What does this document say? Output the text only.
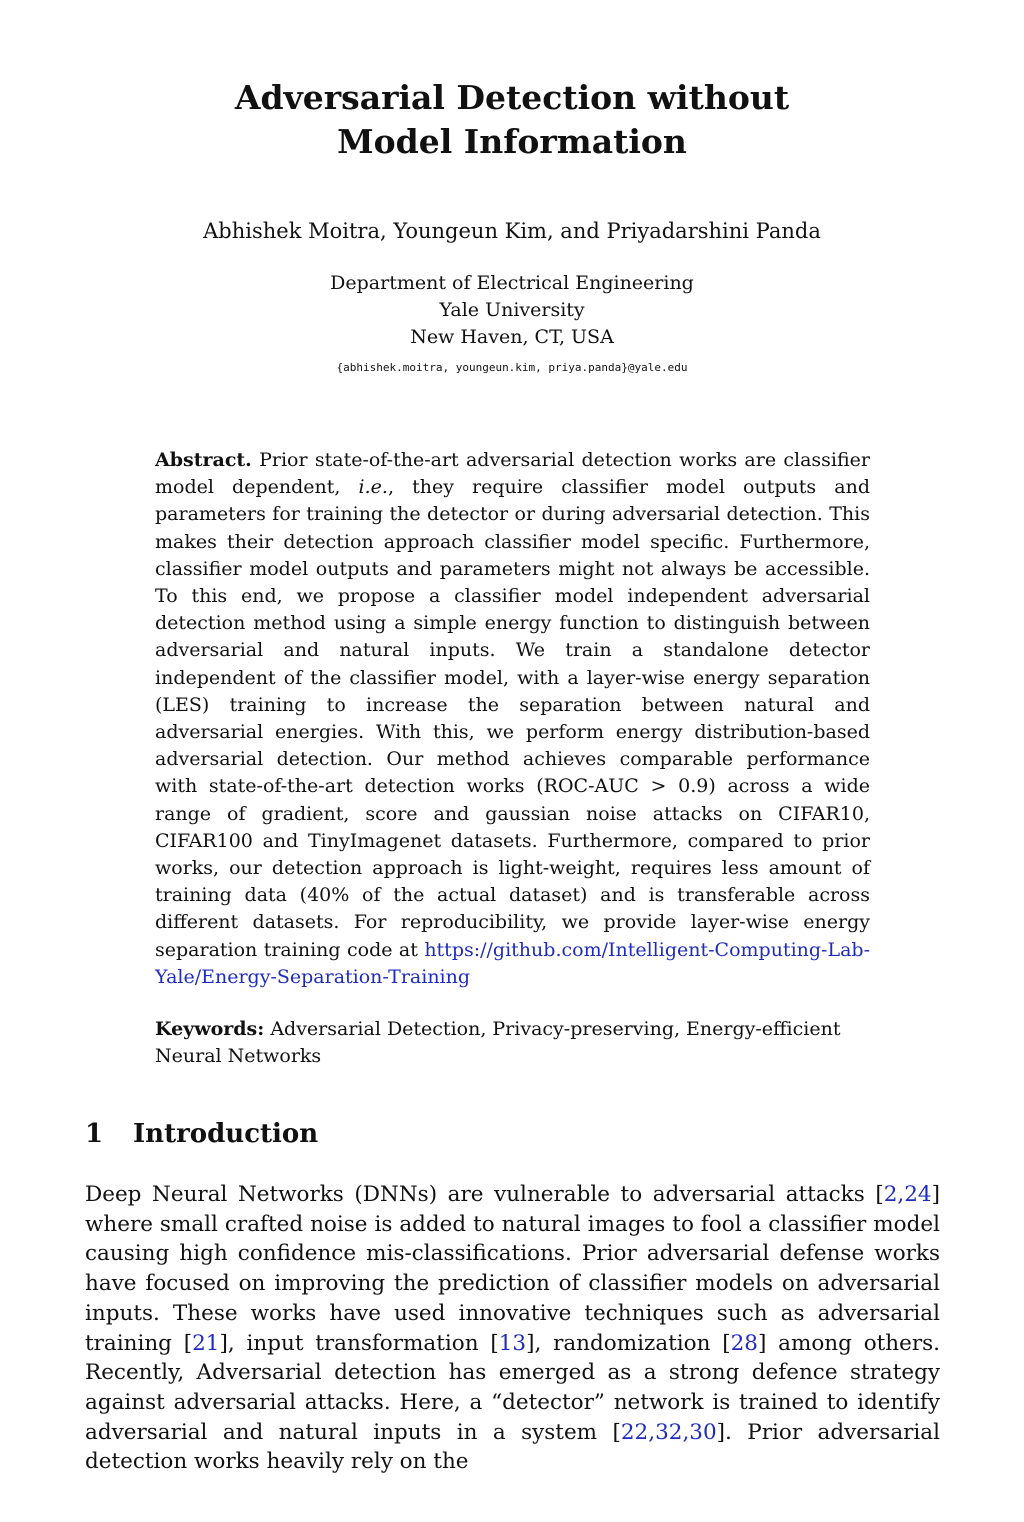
Adversarial Detection without
Model Information
Abhishek Moitra, Youngeun Kim, and Priyadarshini Panda
Department of Electrical Engineering
Yale University
New Haven, CT, USA
{abhishek.moitra, youngeun.kim, priya.panda}@yale.edu
Abstract. Prior state-of-the-art adversarial detection works are classifier model dependent, i.e., they require classifier model outputs and parameters for training the detector or during adversarial detection. This makes their detection approach classifier model specific. Furthermore, classifier model outputs and parameters might not always be accessible. To this end, we propose a classifier model independent adversarial detection method using a simple energy function to distinguish between adversarial and natural inputs. We train a standalone detector independent of the classifier model, with a layer-wise energy separation (LES) training to increase the separation between natural and adversarial energies. With this, we perform energy distribution-based adversarial detection. Our method achieves comparable performance with state-of-the-art detection works (ROC-AUC > 0.9) across a wide range of gradient, score and gaussian noise attacks on CIFAR10, CIFAR100 and TinyImagenet datasets. Furthermore, compared to prior works, our detection approach is light-weight, requires less amount of training data (40% of the actual dataset) and is transferable across different datasets. For reproducibility, we provide layer-wise energy separation training code at https://github.com/Intelligent-Computing-Lab-Yale/Energy-Separation-Training
Keywords: Adversarial Detection, Privacy-preserving, Energy-efficient Neural Networks
1 Introduction
Deep Neural Networks (DNNs) are vulnerable to adversarial attacks [2,24] where small crafted noise is added to natural images to fool a classifier model causing high confidence mis-classifications. Prior adversarial defense works have focused on improving the prediction of classifier models on adversarial inputs. These works have used innovative techniques such as adversarial training [21], input transformation [13], randomization [28] among others. Recently, Adversarial detection has emerged as a strong defence strategy against adversarial attacks. Here, a “detector” network is trained to identify adversarial and natural inputs in a system [22,32,30]. Prior adversarial detection works heavily rely on the
